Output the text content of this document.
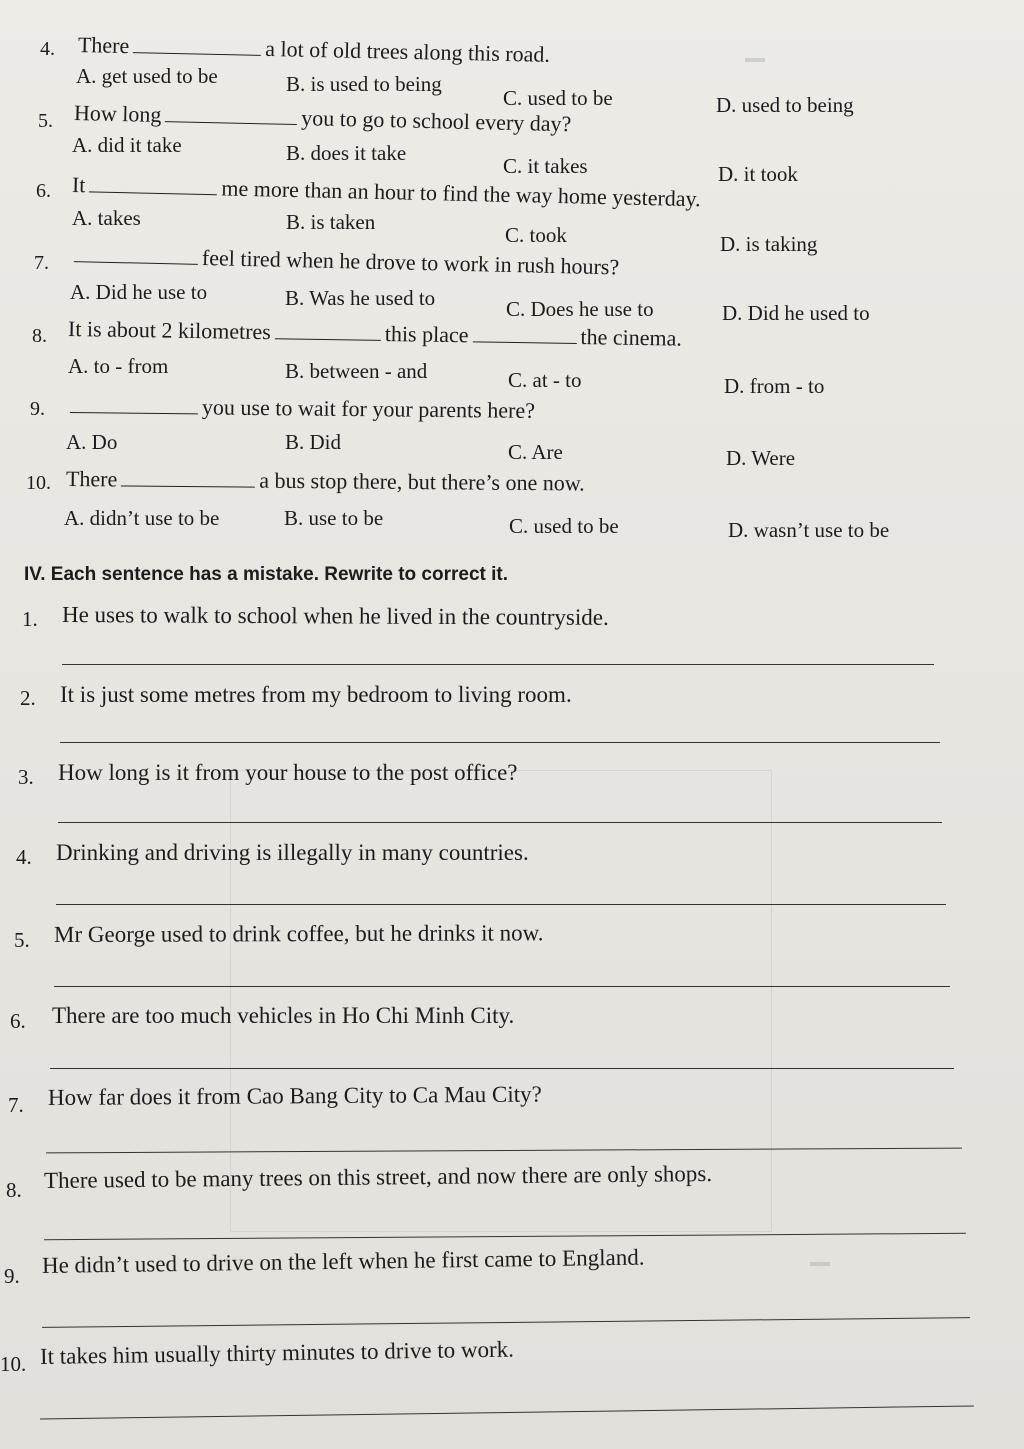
4. There	a lot of old trees along this road.
A. get used to be	B. is used to being
C. used to be	D. used to being
5. How long	you to go to school every day?
A. did it take	B. does it take
C. it takes	D. it took
6. It	me more than an hour to find the way home yesterday.
A. takes	B. is taken
C. took	D. is taking
7.	feel tired when he drove to work in rush hours?
A. Did he use to	B. Was he used to	C. Does he use to	D. Did he used to
8. It is about 2 kilometres	this place	the cinema.
A. to - from	B. between - and	C. at - to	D. from - to
9.	you use to wait for your parents here?
A. Do	B. Did	C. Are	D. Were
10. There	a bus stop there, but there’s one now.
A. didn’t use to be	B. use to be	C. used to be	D. wasn’t use to be
IV. Each sentence has a mistake. Rewrite to correct it.
1. He uses to walk to school when he lived in the countryside.
2. It is just some metres from my bedroom to living room.
3. How long is it from your house to the post office?
4. Drinking and driving is illegally in many countries.
5. Mr George used to drink coffee, but he drinks it now.
6. There are too much vehicles in Ho Chi Minh City.
7. How far does it from Cao Bang City to Ca Mau City?
8. There used to be many trees on this street, and now there are only shops.
9. He didn’t used to drive on the left when he first came to England.
10. It takes him usually thirty minutes to drive to work.
